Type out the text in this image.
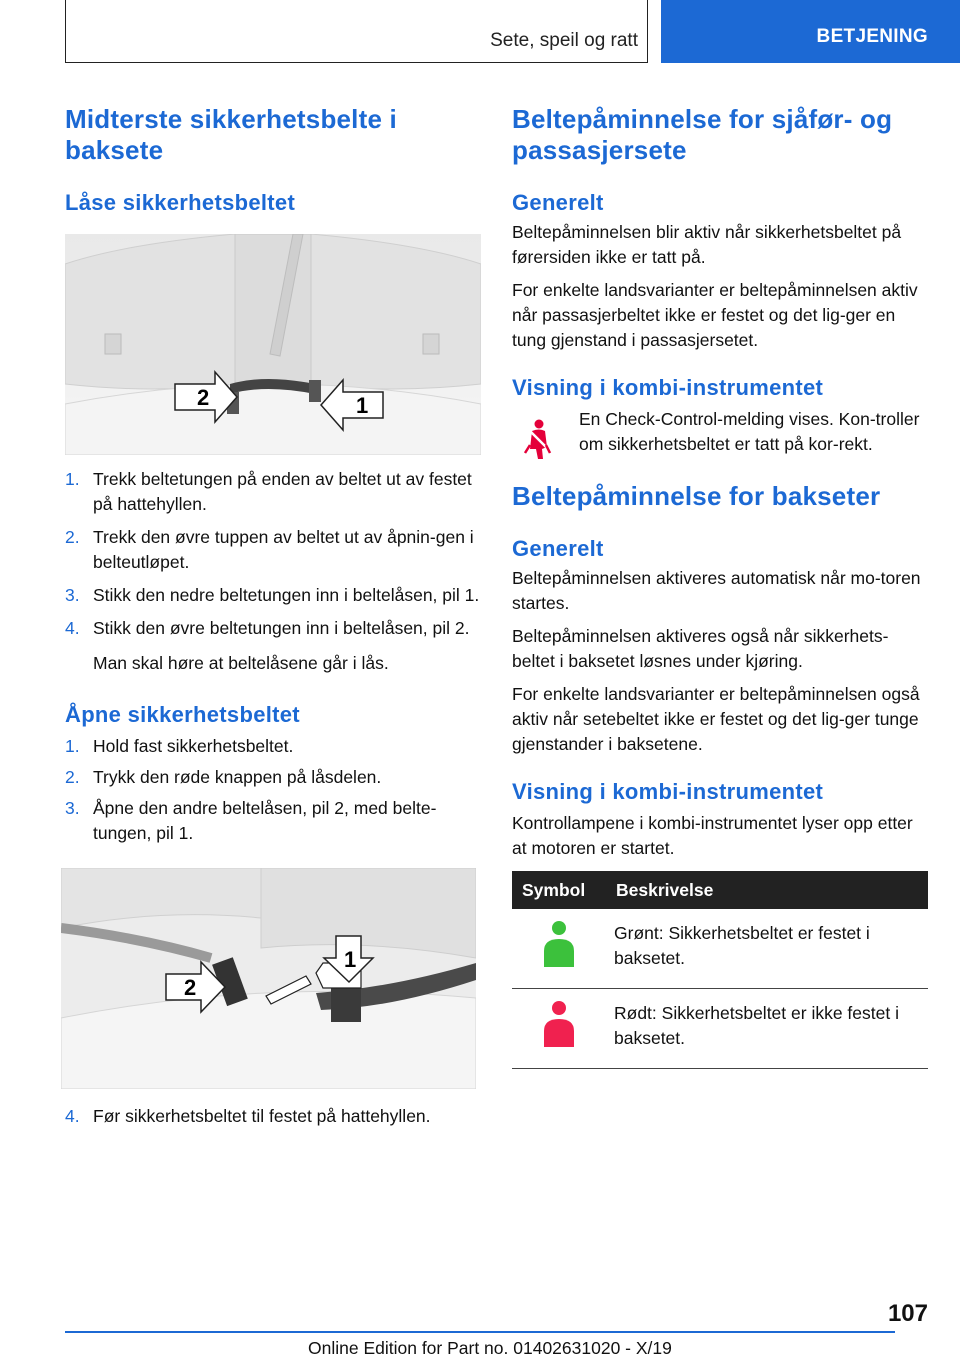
Sete, speil og ratt	BETJENING
Midterste sikkerhetsbelte i baksete
Låse sikkerhetsbeltet
2	1
1. Trekk beltetungen på enden av beltet ut av festet på hattehyllen.
2. Trekk den øvre tuppen av beltet ut av åpnin‐gen i belteutløpet.
3. Stikk den nedre beltetungen inn i beltelåsen, pil 1.
4. Stikk den øvre beltetungen inn i beltelåsen, pil 2.
Man skal høre at beltelåsene går i lås.
Åpne sikkerhetsbeltet
1. Hold fast sikkerhetsbeltet.
2. Trykk den røde knappen på låsdelen.
3. Åpne den andre beltelåsen, pil 2, med belte‐tungen, pil 1.
2
1
4. Før sikkerhetsbeltet til festet på hattehyllen.
Beltepåminnelse for sjåfør- og passasjersete
Generelt

Beltepåminnelsen blir aktiv når sikkerhetsbeltet på førersiden ikke er tatt på.

For enkelte landsvarianter er beltepåminnelsen aktiv når passasjerbeltet ikke er festet og det lig‐ger en tung gjenstand i passasjersetet.

Visning i kombi‐instrumentet

En Check-Control-melding vises. Kon‐troller om sikkerhetsbeltet er tatt på kor‐rekt.

Beltepåminnelse for bakseter
Generelt

Beltepåminnelsen aktiveres automatisk når mo‐toren startes.

Beltepåminnelsen aktiveres også når sikkerhets‐beltet i baksetet løsnes under kjøring.

For enkelte landsvarianter er beltepåminnelsen også aktiv når setebeltet ikke er festet og det lig‐ger tunge gjenstander i baksetene.

Visning i kombi‐instrumentet

Kontrollampene i kombi-instrumentet lyser opp etter at motoren er startet.

Symbol	Beskrivelse
	Grønt: Sikkerhetsbeltet er festet i baksetet.
	Rødt: Sikkerhetsbeltet er ikke festet i baksetet.
107
Online Edition for Part no. 01402631020 - X/19
